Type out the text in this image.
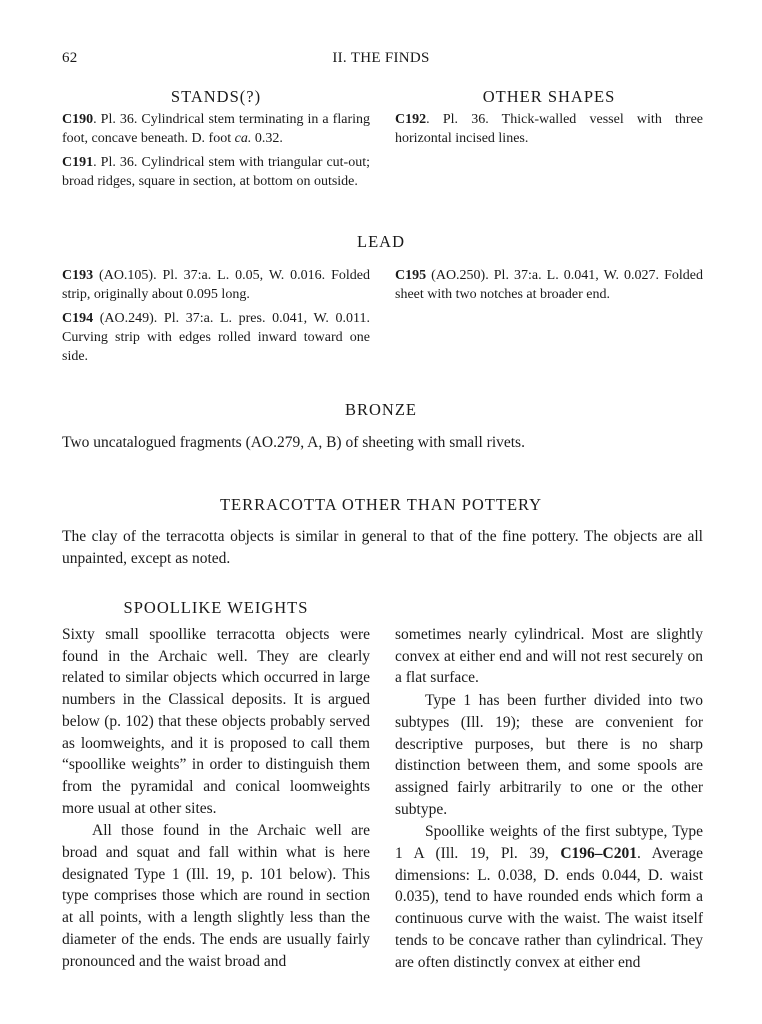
62	II. THE FINDS
STANDS(?)

C190. Pl. 36. Cylindrical stem terminating in a flaring foot, concave beneath. D. foot ca. 0.32.

C191. Pl. 36. Cylindrical stem with triangular cut-out; broad ridges, square in section, at bottom on outside.

OTHER SHAPES

C192. Pl. 36. Thick-walled vessel with three horizontal incised lines.

LEAD

C193 (AO.105). Pl. 37:a. L. 0.05, W. 0.016. Folded strip, originally about 0.095 long.

C194 (AO.249). Pl. 37:a. L. pres. 0.041, W. 0.011. Curving strip with edges rolled inward toward one side.

C195 (AO.250). Pl. 37:a. L. 0.041, W. 0.027. Folded sheet with two notches at broader end.

BRONZE
Two uncatalogued fragments (AO.279, A, B) of sheeting with small rivets.
TERRACOTTA OTHER THAN POTTERY
The clay of the terracotta objects is similar in general to that of the fine pottery. The objects are all unpainted, except as noted.
SPOOLLIKE WEIGHTS

Sixty small spoollike terracotta objects were found in the Archaic well. They are clearly related to similar objects which occurred in large numbers in the Classical deposits. It is argued below (p. 102) that these objects probably served as loomweights, and it is proposed to call them “spoollike weights” in order to distinguish them from the pyramidal and conical loomweights more usual at other sites.

All those found in the Archaic well are broad and squat and fall within what is here designated Type 1 (Ill. 19, p. 101 below). This type comprises those which are round in section at all points, with a length slightly less than the diameter of the ends. The ends are usually fairly pronounced and the waist broad and

sometimes nearly cylindrical. Most are slightly convex at either end and will not rest securely on a flat surface.

Type 1 has been further divided into two subtypes (Ill. 19); these are convenient for descriptive purposes, but there is no sharp distinction between them, and some spools are assigned fairly arbitrarily to one or the other subtype.

Spoollike weights of the first subtype, Type 1 A (Ill. 19, Pl. 39, C196–C201. Average dimensions: L. 0.038, D. ends 0.044, D. waist 0.035), tend to have rounded ends which form a continuous curve with the waist. The waist itself tends to be concave rather than cylindrical. They are often distinctly convex at either end
